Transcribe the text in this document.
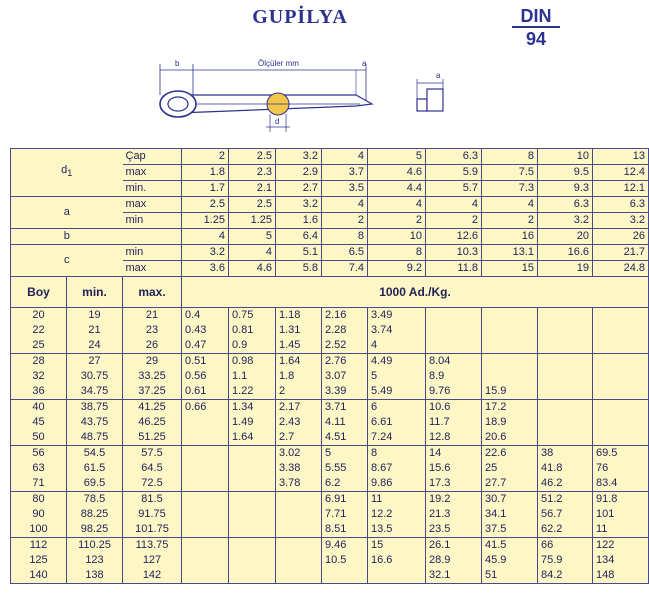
GUPİLYA	DIN
94
b	Ölçüler mm	a
d
a
$d_1$		Çap	2	2.5	3.2	4	5	6.3	8	10	13
		max	1.8	2.3	2.9	3.7	4.6	5.9	7.5	9.5	12.4
		min.	1.7	2.1	2.7	3.5	4.4	5.7	7.3	9.3	12.1
a		max	2.5	2.5	3.2	4	4	4	4	6.3	6.3
		min	1.25	1.25	1.6	2	2	2	2	3.2	3.2
b			4	5	6.4	8	10	12.6	16	20	26
c		min	3.2	4	5.1	6.5	8	10.3	13.1	16.6	21.7
		max	3.6	4.6	5.8	7.4	9.2	11.8	15	19	24.8
Boy	min.	max.	1000 Ad./Kg.								
20	19	21	0.4	0.75	1.18	2.16	3.49				
22	21	23	0.43	0.81	1.31	2.28	3.74				
25	24	26	0.47	0.9	1.45	2.52	4				
28	27	29	0.51	0.98	1.64	2.76	4.49	8.04			
32	30.75	33.25	0.56	1.1	1.8	3.07	5	8.9			
36	34.75	37.25	0.61	1.22	2	3.39	5.49	9.76	15.9		
40	38.75	41.25	0.66	1.34	2.17	3.71	6	10.6	17.2		
45	43.75	46.25		1.49	2.43	4.11	6.61	11.7	18.9		
50	48.75	51.25		1.64	2.7	4.51	7.24	12.8	20.6		
56	54.5	57.5			3.02	5	8	14	22.6	38	69.5
63	61.5	64.5			3.38	5.55	8.67	15.6	25	41.8	76
71	69.5	72.5			3.78	6.2	9.86	17.3	27.7	46.2	83.4
80	78.5	81.5				6.91	11	19.2	30.7	51.2	91.8
90	88.25	91.75				7.71	12.2	21.3	34.1	56.7	101
100	98.25	101.75				8.51	13.5	23.5	37.5	62.2	11
112	110.25	113.75				9.46	15	26.1	41.5	66	122
125	123	127				10.5	16.6	28.9	45.9	75.9	134
140	138	142						32.1	51	84.2	148
